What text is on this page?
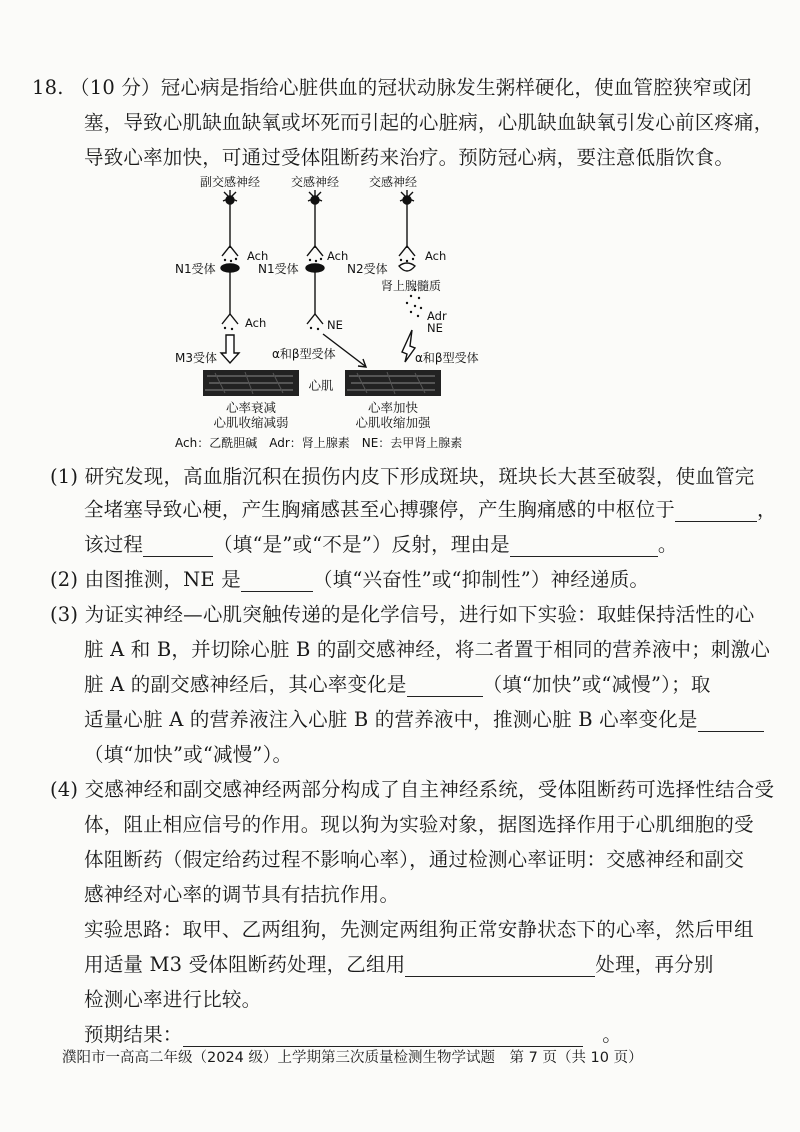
18. （10 分）冠心病是指给心脏供血的冠状动脉发生粥样硬化，使血管腔狭窄或闭
塞，导致心肌缺血缺氧或坏死而引起的心脏病，心肌缺血缺氧引发心前区疼痛，
导致心率加快，可通过受体阻断药来治疗。预防冠心病，要注意低脂饮食。
副交感神经	交感神经 交感神经
Ach	Ach	Ach
N1受体	N1受体	N2受体
肾上腺髓质
Adr
NE
Ach	NE
M3受体	α和β型受体	α和β型受体
心肌
心率衰减
心肌收缩减弱
心率加快
心肌收缩加强
Ach：乙酰胆碱　Adr：肾上腺素　NE：去甲肾上腺素
(1) 研究发现，高血脂沉积在损伤内皮下形成斑块，斑块长大甚至破裂，使血管完
全堵塞导致心梗，产生胸痛感甚至心搏骤停，产生胸痛感的中枢位于	，
该过程	（填“是”或“不是”）反射，理由是	。
(2) 由图推测，NE 是	（填“兴奋性”或“抑制性”）神经递质。
(3) 为证实神经—心肌突触传递的是化学信号，进行如下实验：取蛙保持活性的心
脏 A 和 B，并切除心脏 B 的副交感神经，将二者置于相同的营养液中；刺激心
脏 A 的副交感神经后，其心率变化是	（填“加快”或“减慢”）；取
适量心脏 A 的营养液注入心脏 B 的营养液中，推测心脏 B 心率变化是
（填“加快”或“减慢”）。
(4) 交感神经和副交感神经两部分构成了自主神经系统，受体阻断药可选择性结合受
体，阻止相应信号的作用。现以狗为实验对象，据图选择作用于心肌细胞的受
体阻断药（假定给药过程不影响心率），通过检测心率证明：交感神经和副交
感神经对心率的调节具有拮抗作用。
实验思路：取甲、乙两组狗，先测定两组狗正常安静状态下的心率，然后甲组
用适量 M3 受体阻断药处理，乙组用	处理，再分别
检测心率进行比较。
预期结果：　	。
濮阳市一高高二年级（2024 级）上学期第三次质量检测生物学试题　第 7 页（共 10 页）
